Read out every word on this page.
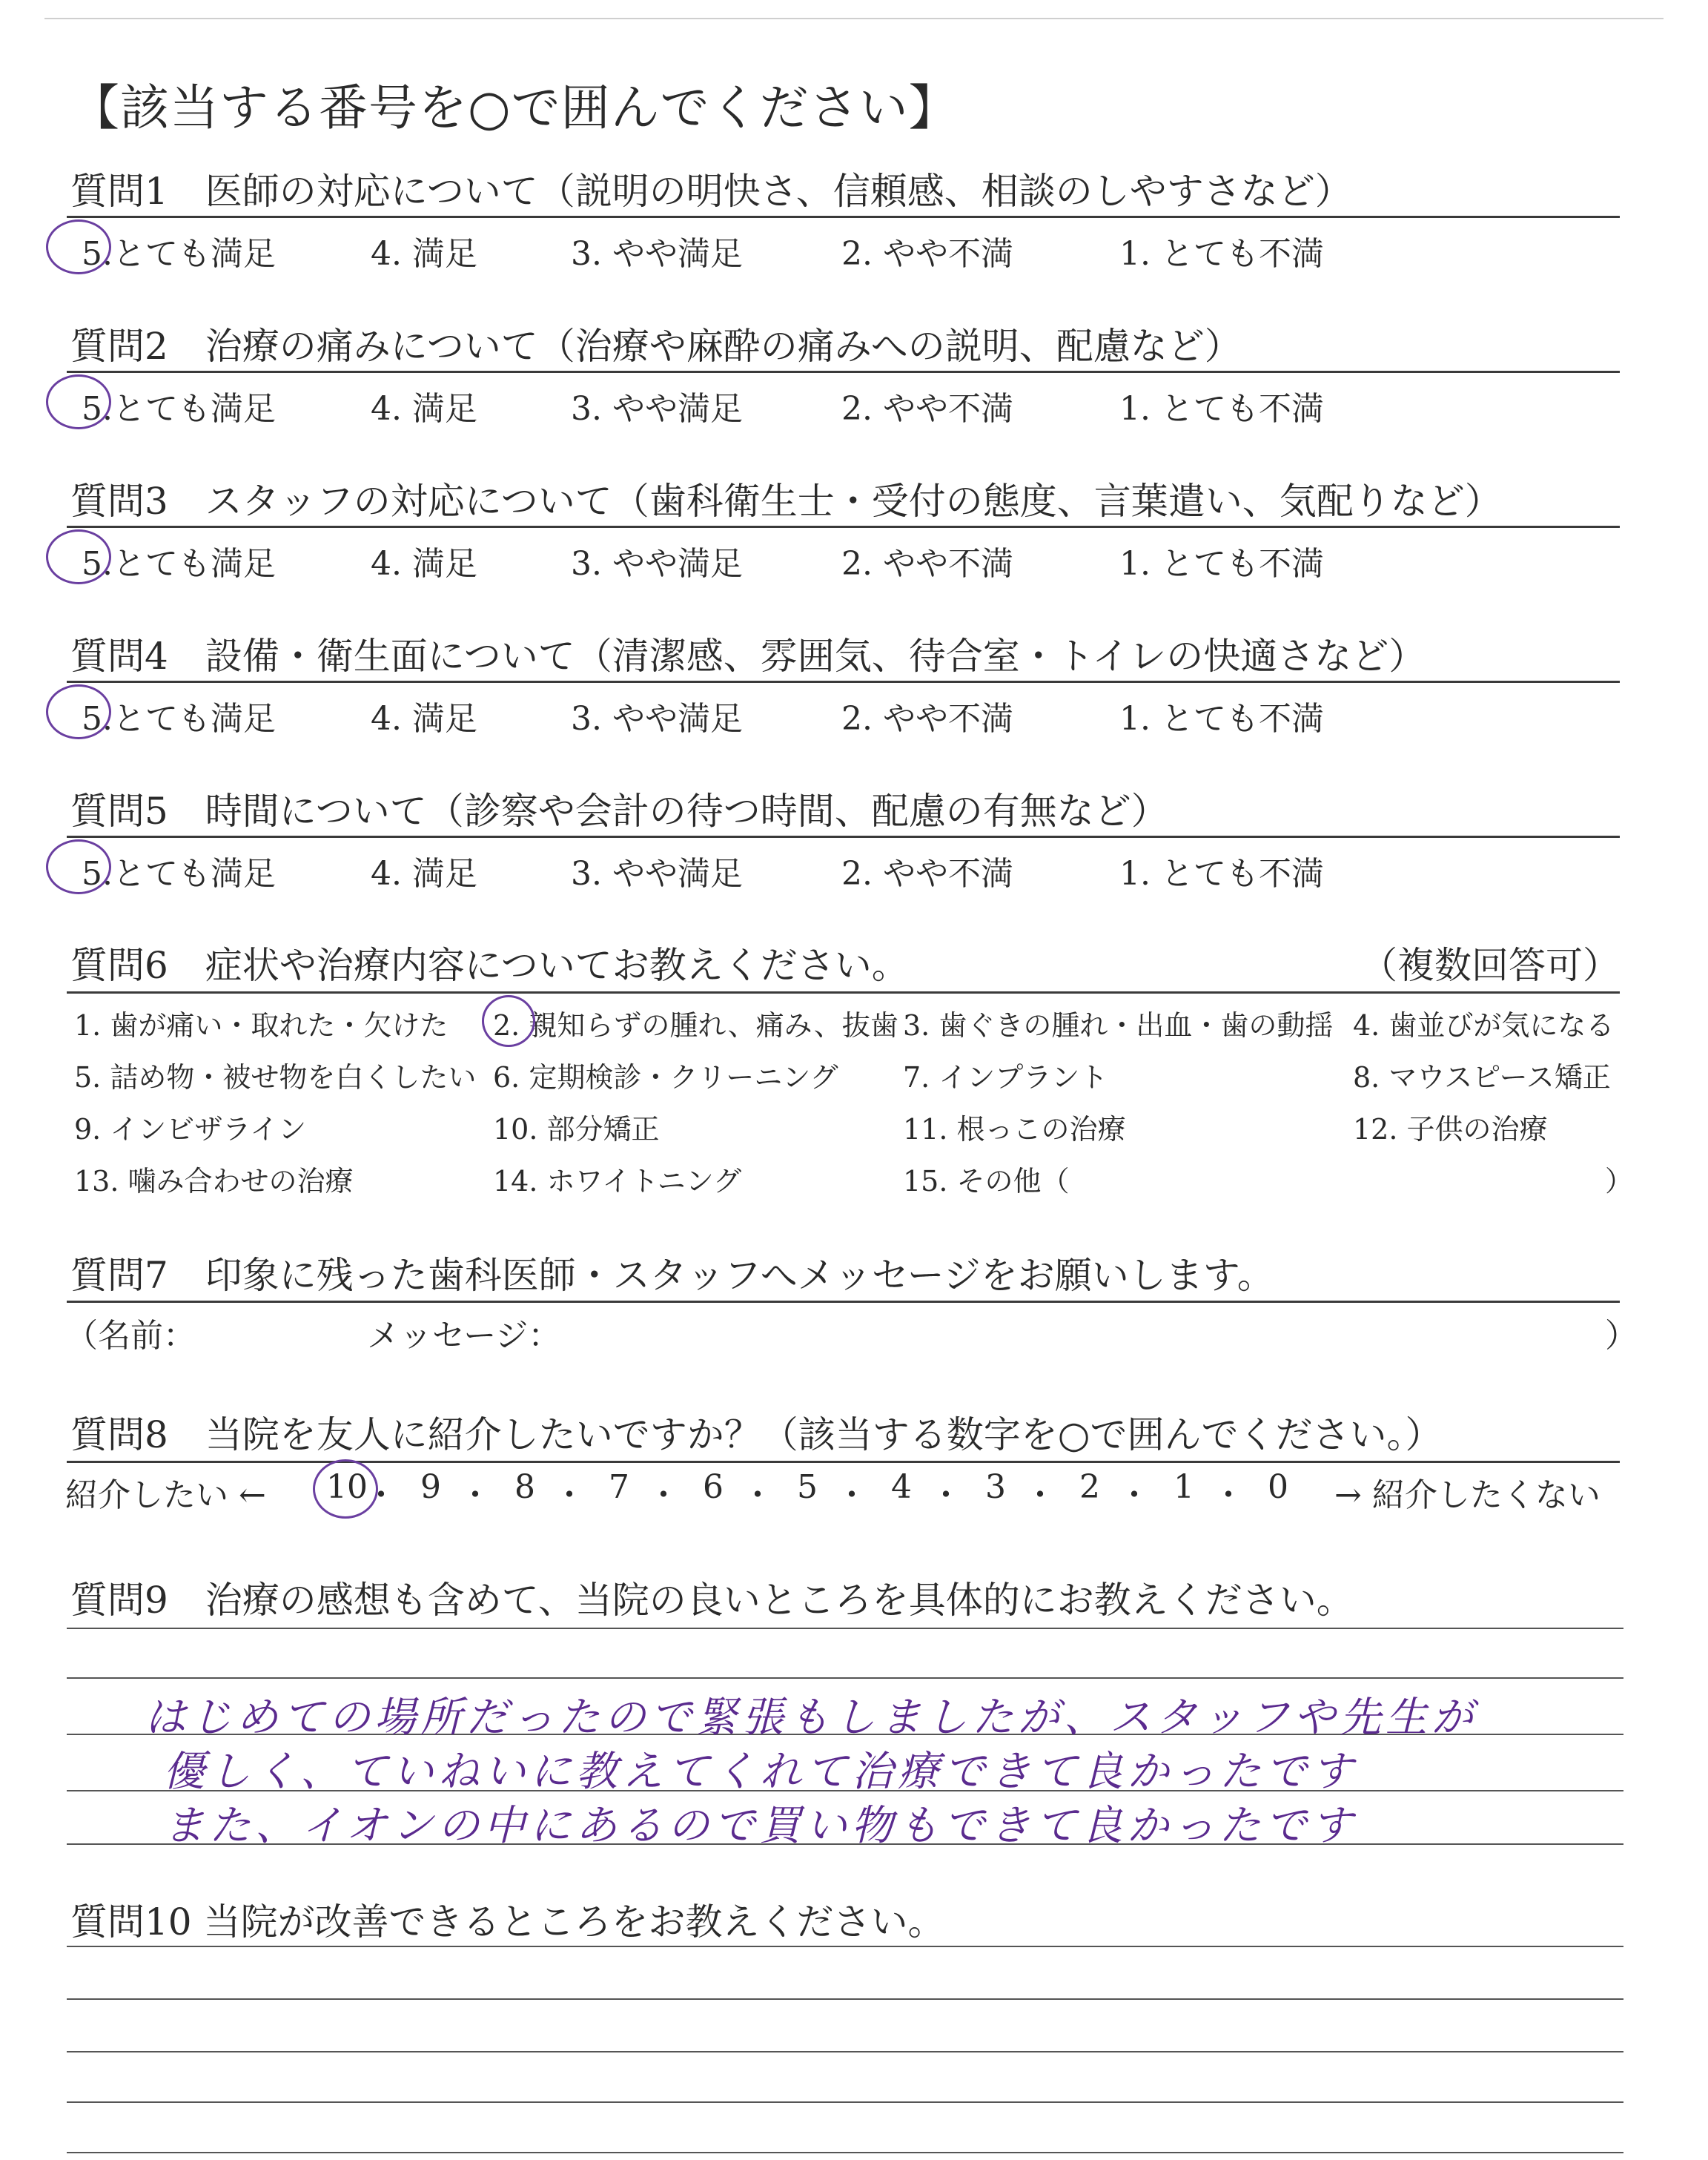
【該当する番号を○で囲んでください】
質問1　医師の対応について（説明の明快さ、信頼感、相談のしやすさなど）
5.とても満足	4. 満足	3. やや満足	2. やや不満	1. とても不満
質問2　治療の痛みについて（治療や麻酔の痛みへの説明、配慮など）
5.とても満足	4. 満足	3. やや満足	2. やや不満	1. とても不満
質問3　スタッフの対応について（歯科衛生士・受付の態度、言葉遣い、気配りなど）
5.とても満足	4. 満足	3. やや満足	2. やや不満	1. とても不満
質問4　設備・衛生面について（清潔感、雰囲気、待合室・トイレの快適さなど）
5.とても満足	4. 満足	3. やや満足	2. やや不満	1. とても不満
質問5　時間について（診察や会計の待つ時間、配慮の有無など）
5.とても満足	4. 満足	3. やや満足	2. やや不満	1. とても不満
質問6　症状や治療内容についてお教えください。	（複数回答可）
1. 歯が痛い・取れた・欠けた 2. 親知らずの腫れ、痛み、抜歯 3. 歯ぐきの腫れ・出血・歯の動揺 4. 歯並びが気になる
5. 詰め物・被せ物を白くしたい 6. 定期検診・クリーニング 7. インプラント	8. マウスピース矯正
9. インビザライン	10. 部分矯正	11. 根っこの治療	12. 子供の治療
13. 噛み合わせの治療	14. ホワイトニング	15. その他（	）
質問7　印象に残った歯科医師・スタッフへメッセージをお願いします。
（名前：	メッセージ：	）
質問8　当院を友人に紹介したいですか？（該当する数字を○で囲んでください。）
紹介したい ←	→ 紹介したくない
10
・ 9 ・ 8 ・ 7 ・ 6 ・ 5 ・ 4 ・ 3 ・ 2 ・ 1 ・ 0
質問9　治療の感想も含めて、当院の良いところを具体的にお教えください。
はじめての場所だったので緊張もしましたが、スタッフや先生が
優しく、ていねいに教えてくれて治療できて良かったです
また、イオンの中にあるので買い物もできて良かったです
質問10 当院が改善できるところをお教えください。
